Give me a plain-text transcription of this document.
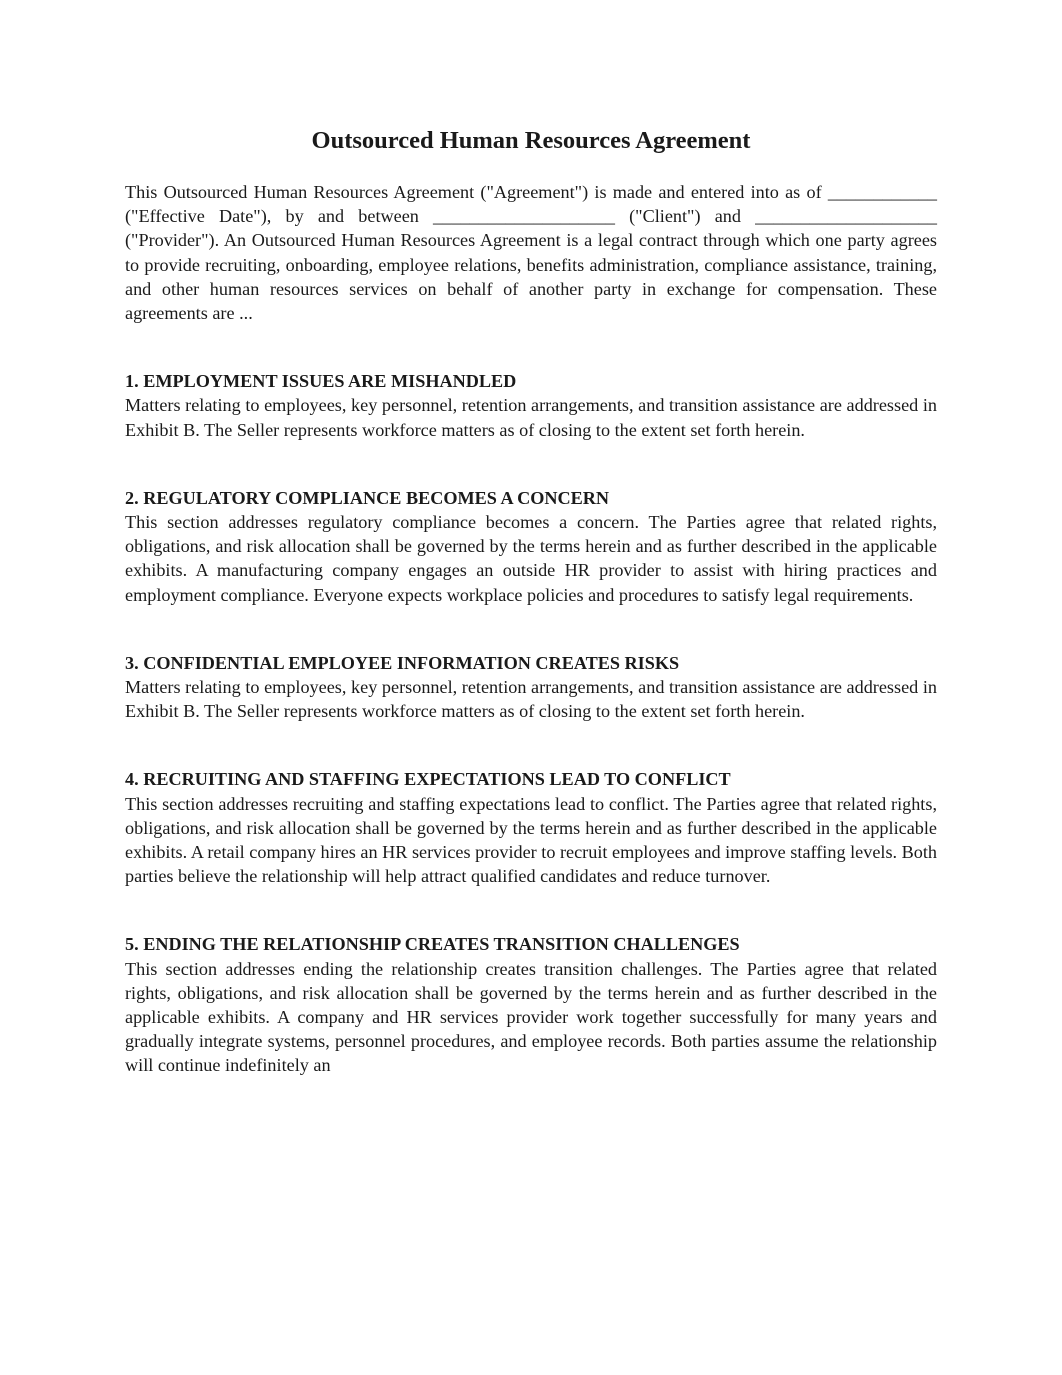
Outsourced Human Resources Agreement

This Outsourced Human Resources Agreement ("Agreement") is made and entered into as of ____________ ("Effective Date"), by and between ____________________ ("Client") and ____________________ ("Provider"). An Outsourced Human Resources Agreement is a legal contract through which one party agrees to provide recruiting, onboarding, employee relations, benefits administration, compliance assistance, training, and other human resources services on behalf of another party in exchange for compensation. These agreements are ...

1. EMPLOYMENT ISSUES ARE MISHANDLED

Matters relating to employees, key personnel, retention arrangements, and transition assistance are addressed in Exhibit B. The Seller represents workforce matters as of closing to the extent set forth herein.

2. REGULATORY COMPLIANCE BECOMES A CONCERN

This section addresses regulatory compliance becomes a concern. The Parties agree that related rights, obligations, and risk allocation shall be governed by the terms herein and as further described in the applicable exhibits. A manufacturing company engages an outside HR provider to assist with hiring practices and employment compliance. Everyone expects workplace policies and procedures to satisfy legal requirements.

3. CONFIDENTIAL EMPLOYEE INFORMATION CREATES RISKS

Matters relating to employees, key personnel, retention arrangements, and transition assistance are addressed in Exhibit B. The Seller represents workforce matters as of closing to the extent set forth herein.

4. RECRUITING AND STAFFING EXPECTATIONS LEAD TO CONFLICT

This section addresses recruiting and staffing expectations lead to conflict. The Parties agree that related rights, obligations, and risk allocation shall be governed by the terms herein and as further described in the applicable exhibits. A retail company hires an HR services provider to recruit employees and improve staffing levels. Both parties believe the relationship will help attract qualified candidates and reduce turnover.

5. ENDING THE RELATIONSHIP CREATES TRANSITION CHALLENGES

This section addresses ending the relationship creates transition challenges. The Parties agree that related rights, obligations, and risk allocation shall be governed by the terms herein and as further described in the applicable exhibits. A company and HR services provider work together successfully for many years and gradually integrate systems, personnel procedures, and employee records. Both parties assume the relationship will continue indefinitely an
